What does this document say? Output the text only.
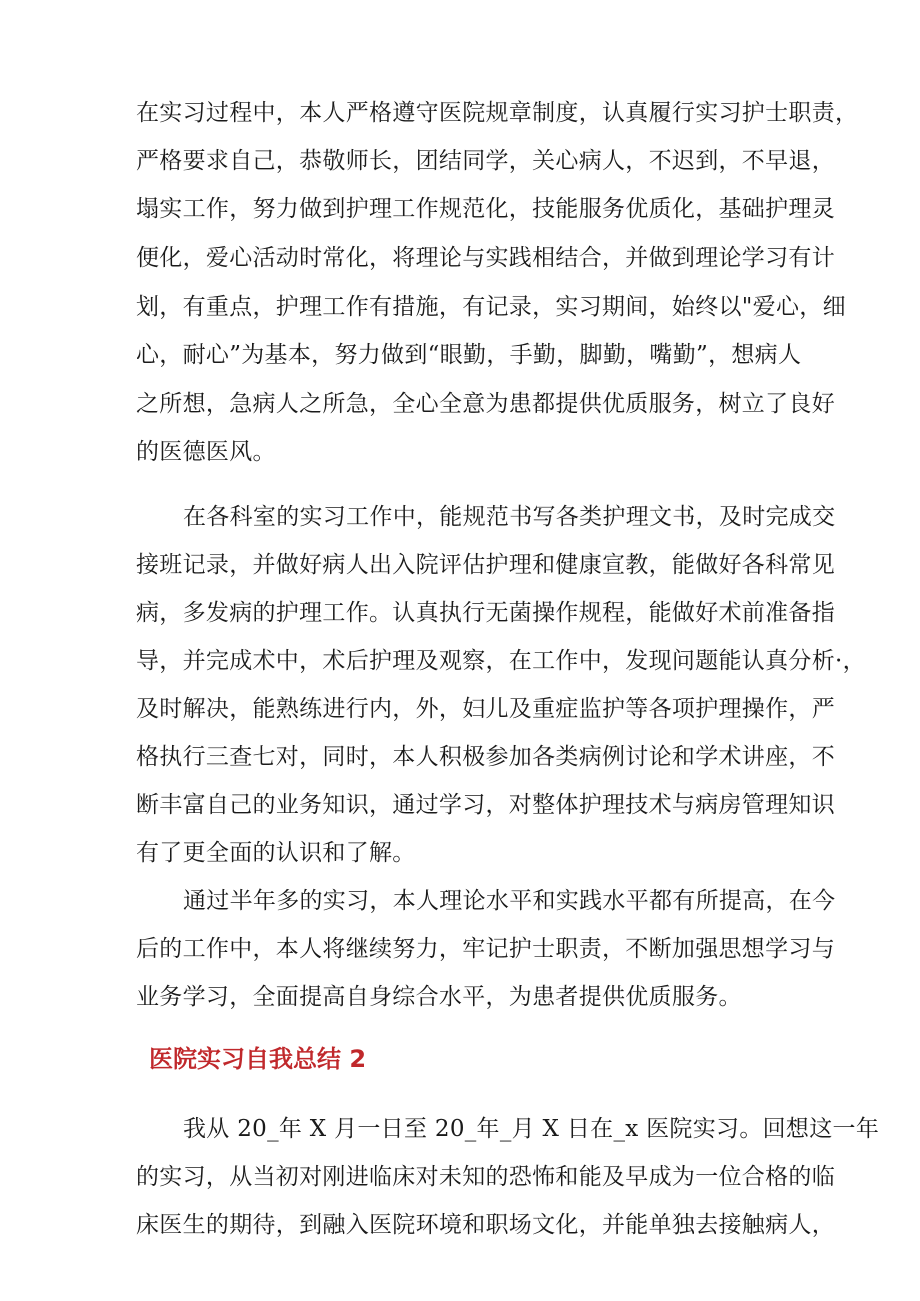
在实习过程中，本人严格遵守医院规章制度，认真履行实习护士职责，
严格要求自己，恭敬师长，团结同学，关心病人，不迟到，不早退，
塌实工作，努力做到护理工作规范化，技能服务优质化，基础护理灵
便化，爱心活动时常化，将理论与实践相结合，并做到理论学习有计
划，有重点，护理工作有措施，有记录，实习期间，始终以"爱心，细
心，耐心”为基本，努力做到“眼勤，手勤，脚勤，嘴勤”，想病人
之所想，急病人之所急，全心全意为患都提供优质服务，树立了良好
的医德医风。
在各科室的实习工作中，能规范书写各类护理文书，及时完成交
接班记录，并做好病人出入院评估护理和健康宣教，能做好各科常见
病，多发病的护理工作。认真执行无菌操作规程，能做好术前准备指
导，并完成术中，术后护理及观察，在工作中，发现问题能认真分析·，
及时解决，能熟练进行内，外，妇儿及重症监护等各项护理操作，严
格执行三查七对，同时，本人积极参加各类病例讨论和学术讲座，不
断丰富自己的业务知识，通过学习，对整体护理技术与病房管理知识
有了更全面的认识和了解。
通过半年多的实习，本人理论水平和实践水平都有所提高，在今
后的工作中，本人将继续努力，牢记护士职责，不断加强思想学习与
业务学习，全面提高自身综合水平，为患者提供优质服务。
医院实习自我总结 2
我从 20_年 X 月一日至 20_年_月 X 日在_x 医院实习。回想这一年
的实习，从当初对刚进临床对未知的恐怖和能及早成为一位合格的临
床医生的期待，到融入医院环境和职场文化，并能单独去接触病人，
